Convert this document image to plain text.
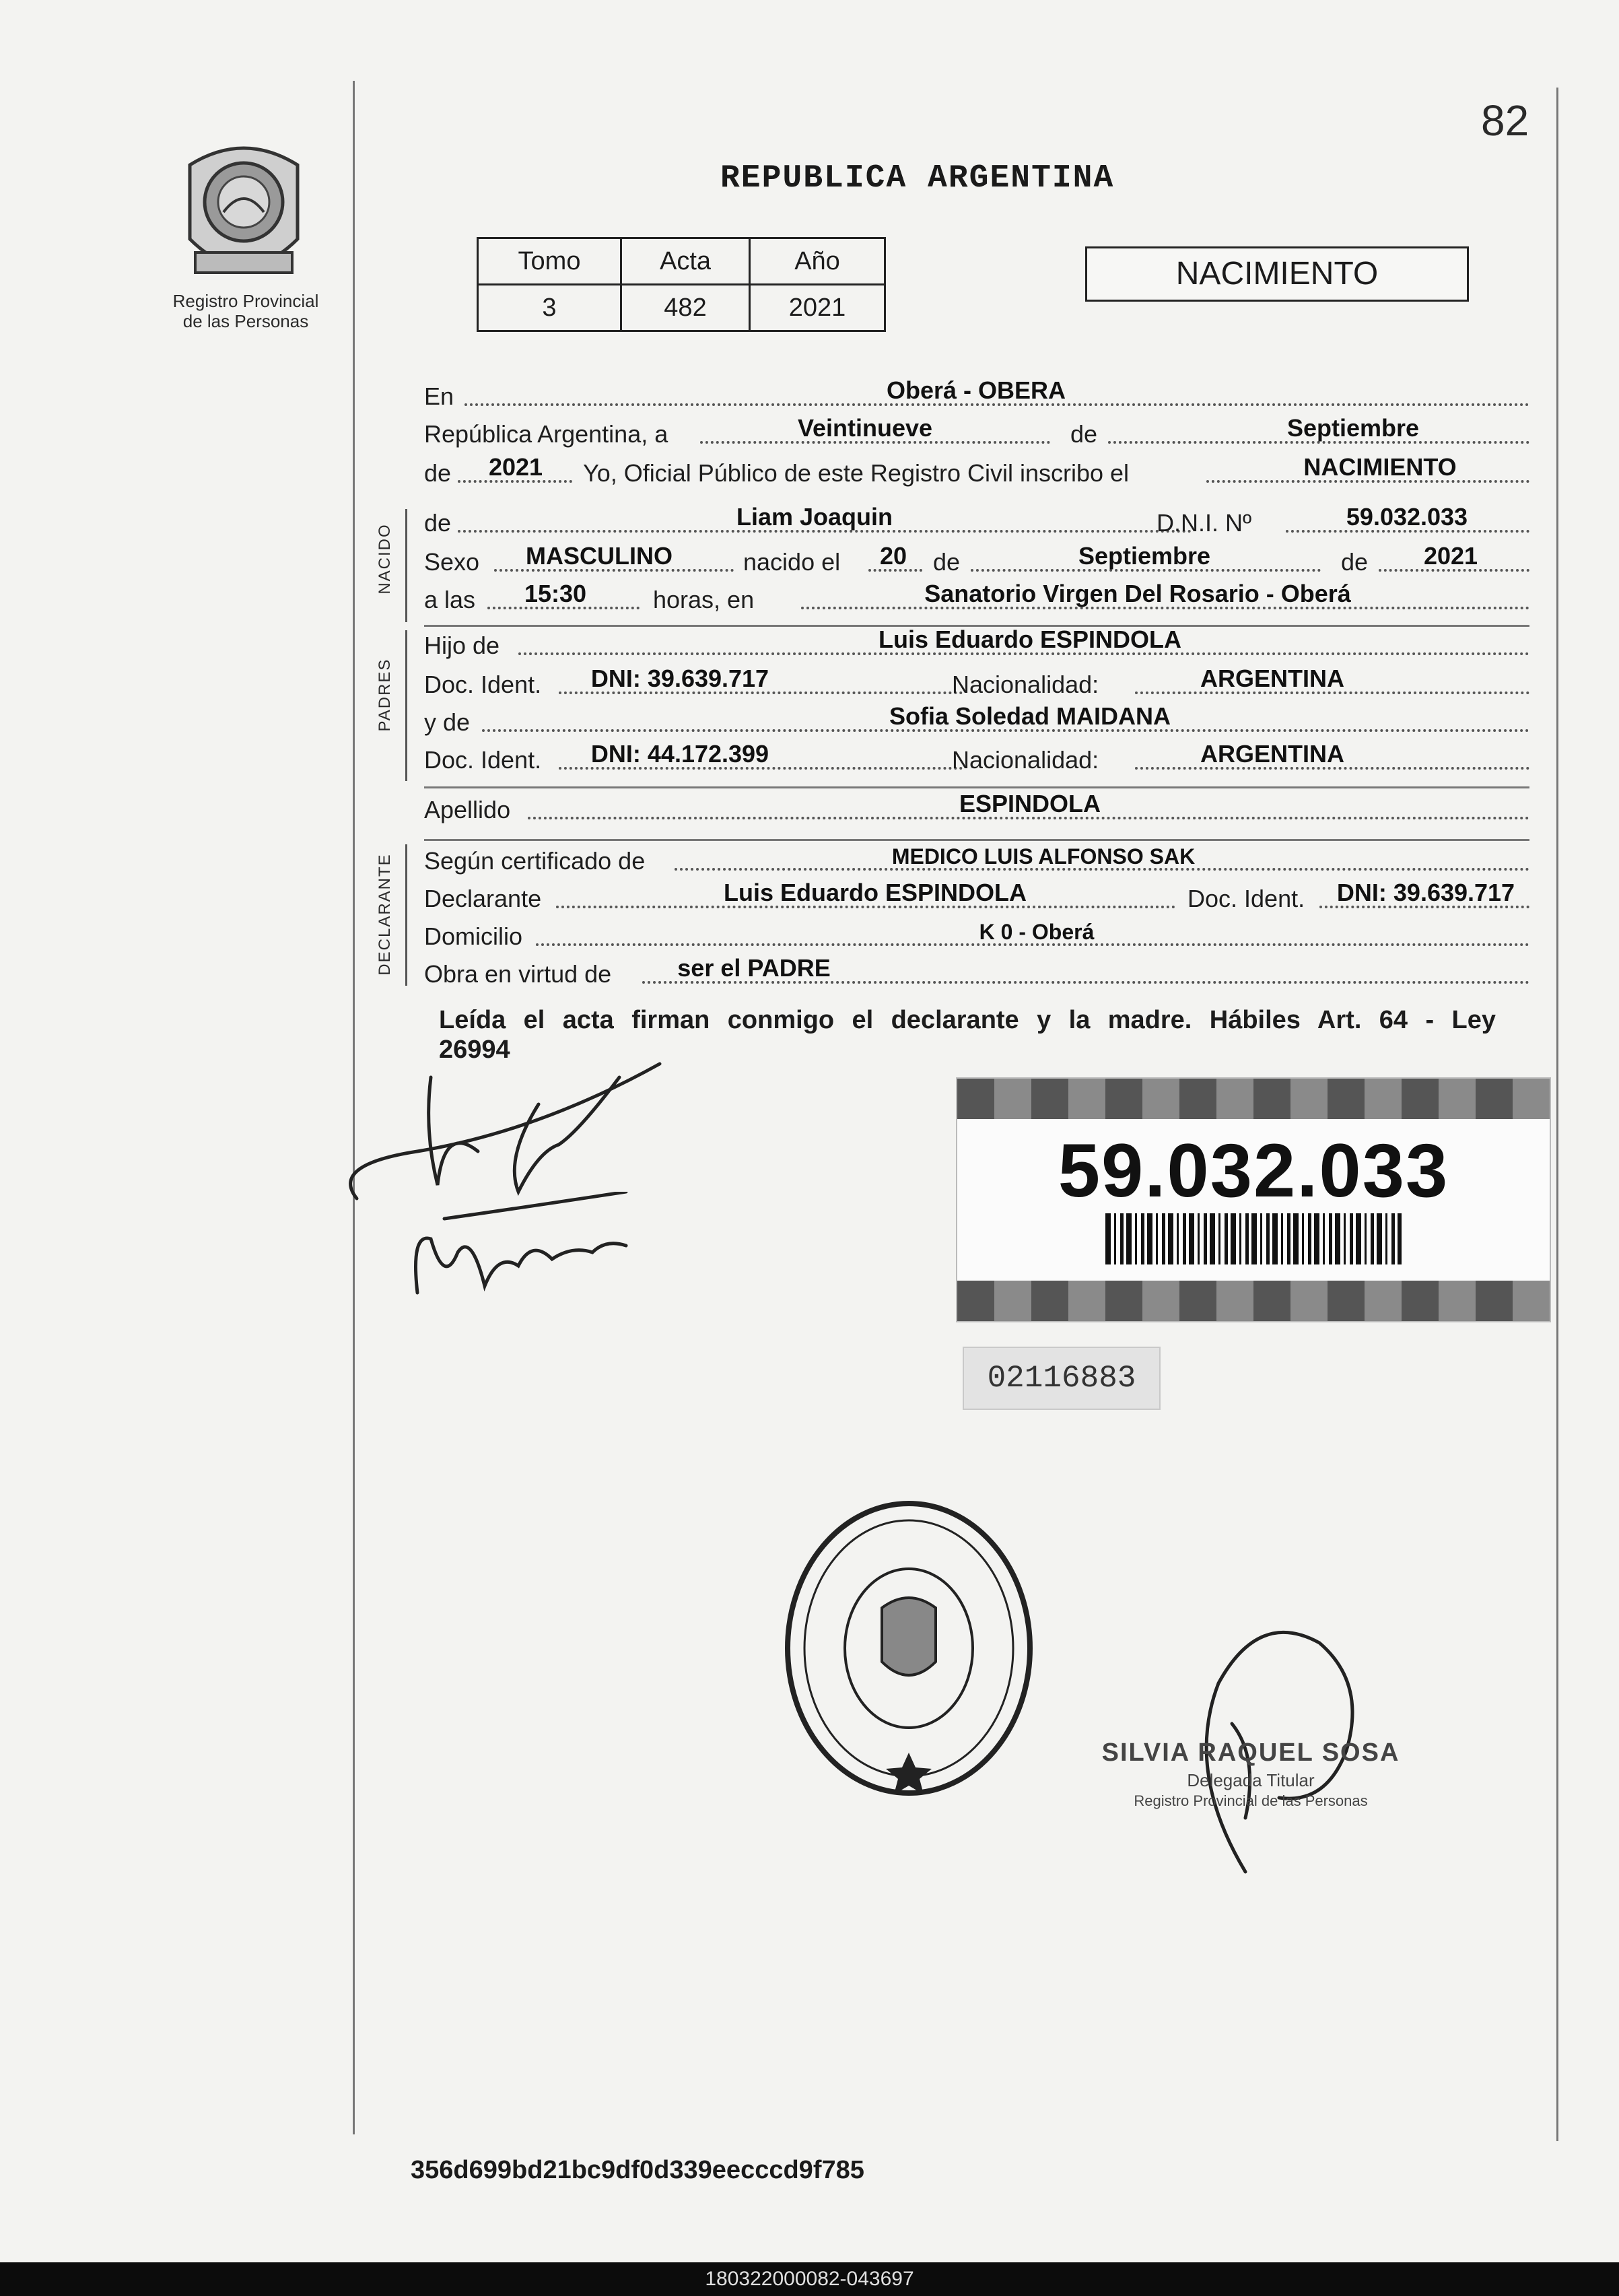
82
Registro Provincial
de las Personas
REPUBLICA ARGENTINA
Tomo	Acta	Año
3	482	2021
NACIMIENTO
En	Oberá - OBERA
República Argentina, a	Veintinueve	de	Septiembre
de	2021	Yo, Oficial Público de este Registro Civil inscribo el	NACIMIENTO
NACIDO
de	Liam Joaquin	D.N.I. Nº	59.032.033
Sexo	MASCULINO	nacido el	20	de	Septiembre	de	2021
a las	15:30	horas, en	Sanatorio Virgen Del Rosario - Oberá
PADRES
Hijo de	Luis Eduardo ESPINDOLA
Doc. Ident.	DNI: 39.639.717	Nacionalidad:	ARGENTINA
y de	Sofia Soledad MAIDANA
Doc. Ident.	DNI: 44.172.399	Nacionalidad:	ARGENTINA
Apellido	ESPINDOLA
DECLARANTE Según certificado de	MEDICO LUIS ALFONSO SAK
Declarante	Luis Eduardo ESPINDOLA	Doc. Ident.	DNI: 39.639.717
Domicilio	K 0 - Oberá
Obra en virtud de	ser el PADRE
Leída el acta firman conmigo el declarante y la madre. Hábiles Art. 64 - Ley
26994
59.032.033
02116883
SILVIA RAQUEL SOSA
Delegada Titular
Registro Provincial de las Personas
356d699bd21bc9df0d339eecccd9f785
180322000082-043697
